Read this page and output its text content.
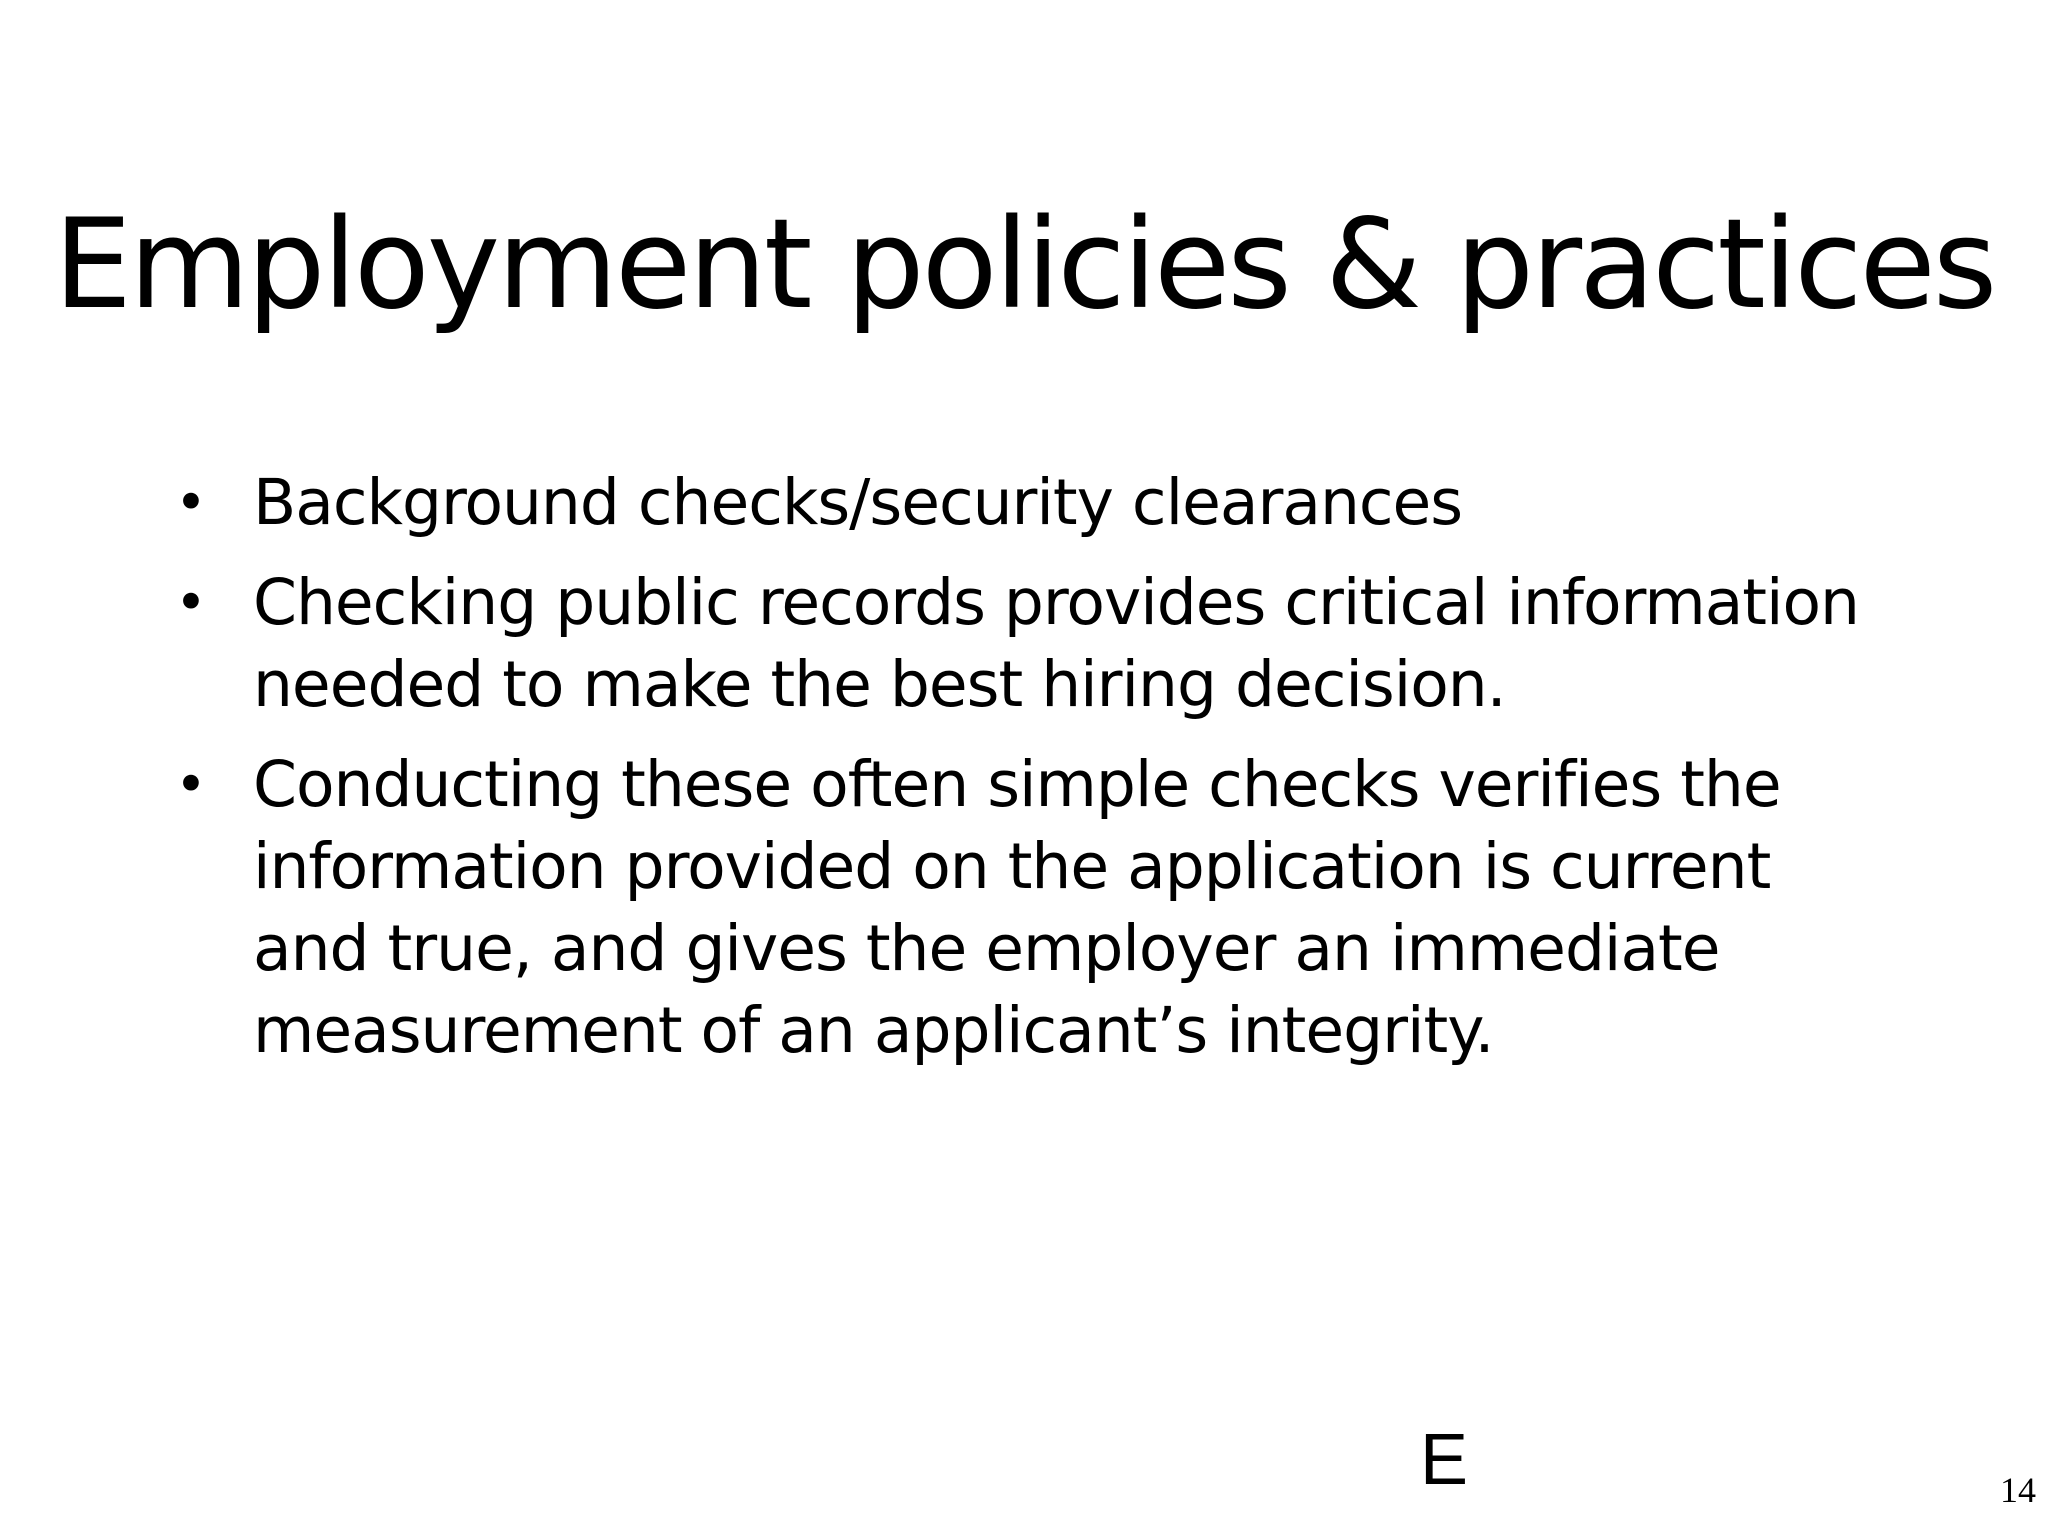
Employment policies & practices
• Background checks/security clearances
• Checking public records provides critical information needed to make the best hiring decision.
• Conducting these often simple checks verifies the information provided on the application is current and true, and gives the employer an immediate measurement of an applicant’s integrity.
E	14
